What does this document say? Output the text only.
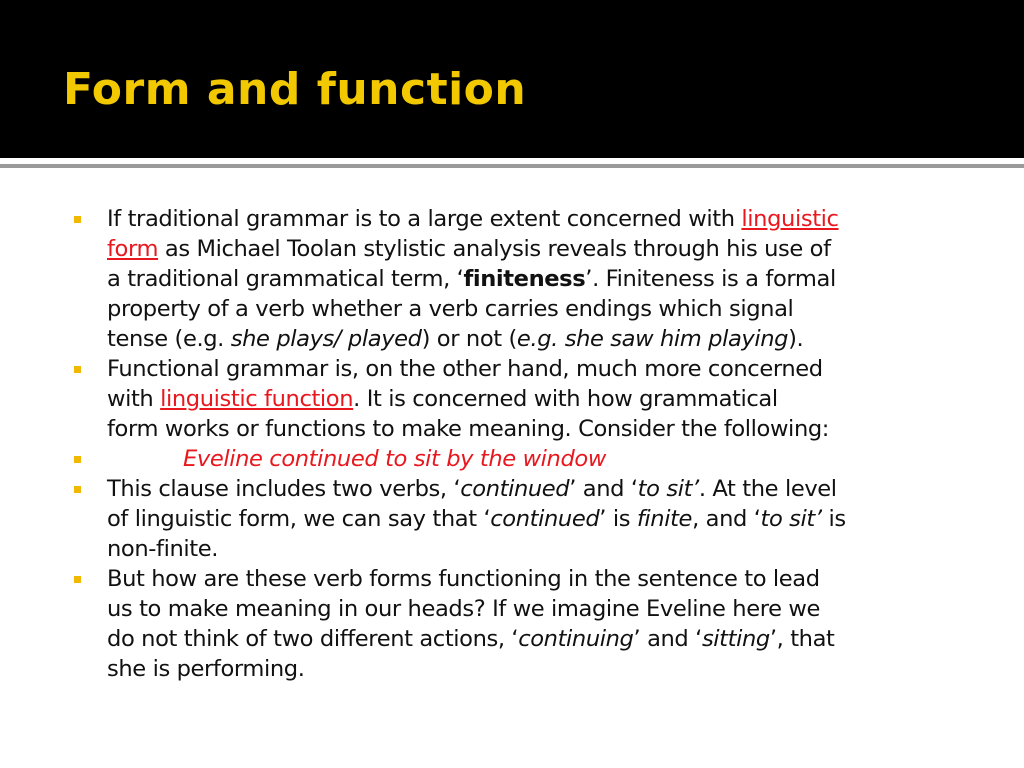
Form and function
If traditional grammar is to a large extent concerned with linguistic
form as Michael Toolan stylistic analysis reveals through his use of
a traditional grammatical term, ‘finiteness’. Finiteness is a formal
property of a verb whether a verb carries endings which signal
tense (e.g. she plays/ played) or not (e.g. she saw him playing).
Functional grammar is, on the other hand, much more concerned
with linguistic function. It is concerned with how grammatical
form works or functions to make meaning. Consider the following:
Eveline continued to sit by the window
This clause includes two verbs, ‘continued’ and ‘to sit’. At the level
of linguistic form, we can say that ‘continued’ is finite, and ‘to sit’ is
non-finite.
But how are these verb forms functioning in the sentence to lead
us to make meaning in our heads? If we imagine Eveline here we
do not think of two different actions, ‘continuing’ and ‘sitting’, that
she is performing.
